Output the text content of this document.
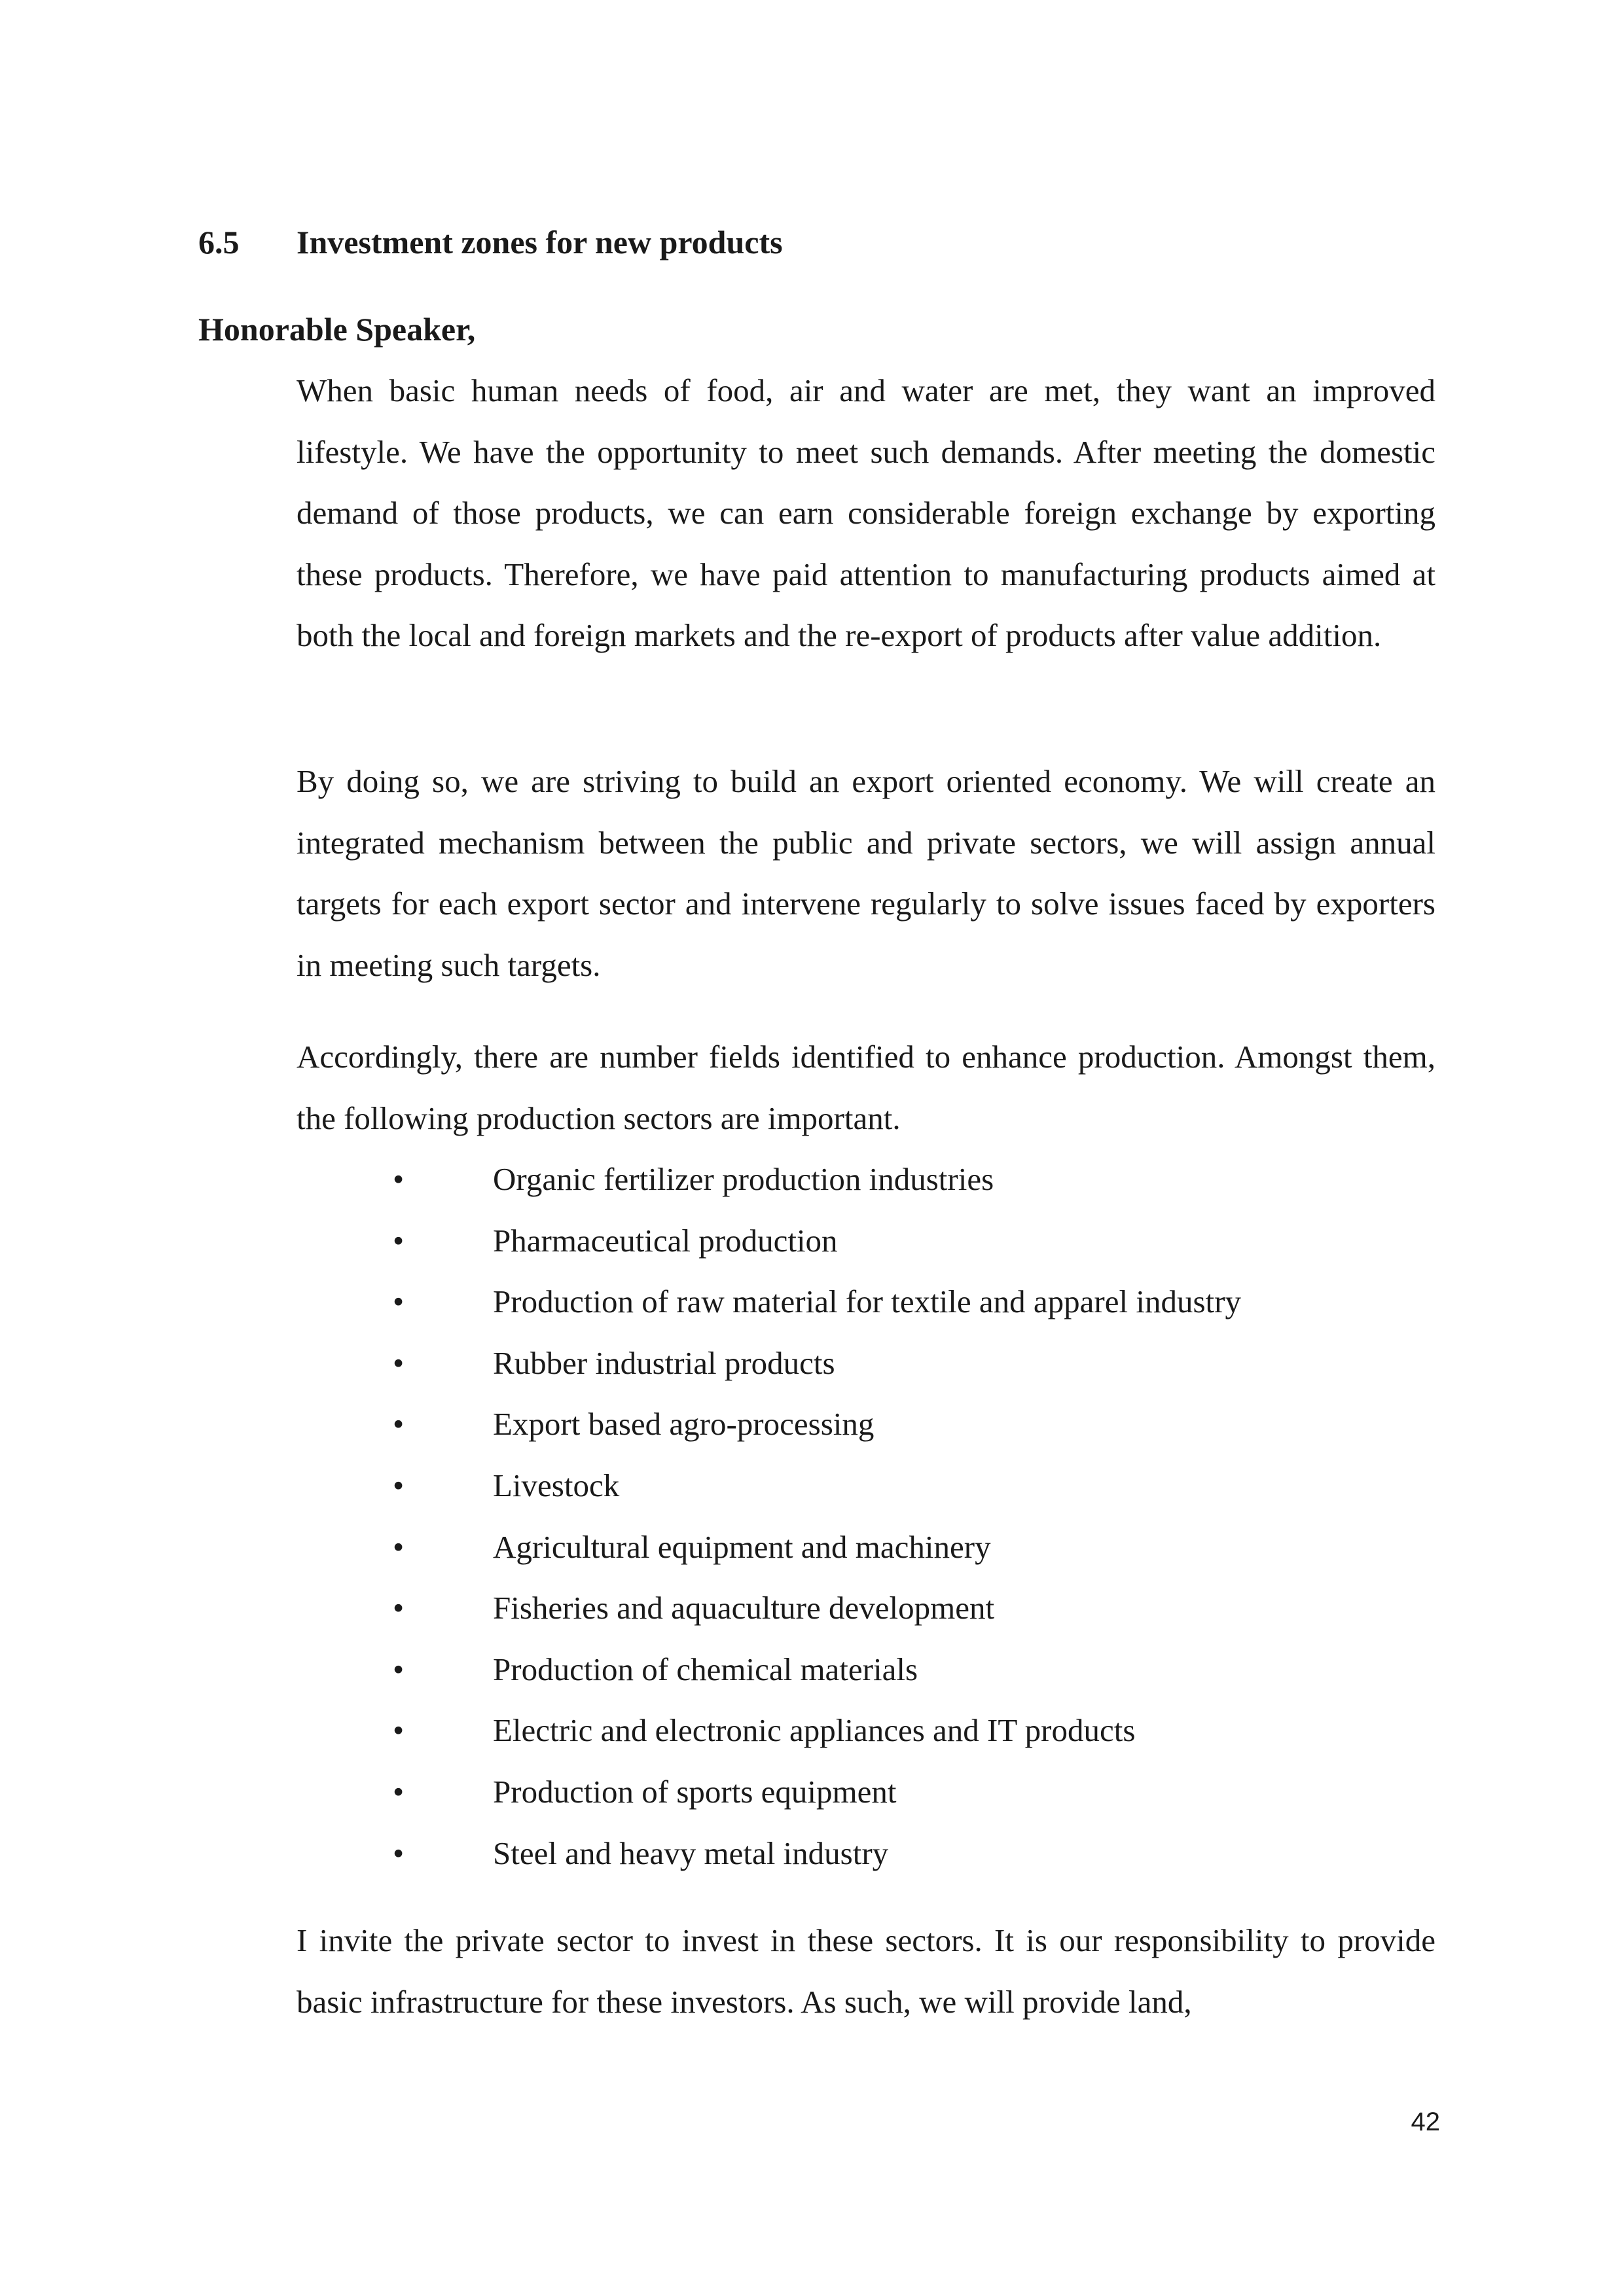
6.5 Investment zones for new products
Honorable Speaker,

When basic human needs of food, air and water are met, they want an improved lifestyle. We have the opportunity to meet such demands. After meeting the domestic demand of those products, we can earn considerable foreign exchange by exporting these products. Therefore, we have paid attention to manufacturing products aimed at both the local and foreign markets and the re-export of products after value addition.

By doing so, we are striving to build an export oriented economy. We will create an integrated mechanism between the public and private sectors, we will assign annual targets for each export sector and intervene regularly to solve issues faced by exporters in meeting such targets.

Accordingly, there are number fields identified to enhance production. Amongst them, the following production sectors are important.

•	Organic fertilizer production industries
•	Pharmaceutical production
•	Production of raw material for textile and apparel industry
•	Rubber industrial products
•	Export based agro-processing
•	Livestock
•	Agricultural equipment and machinery
•	Fisheries and aquaculture development
•	Production of chemical materials
•	Electric and electronic appliances and IT products
•	Production of sports equipment
•	Steel and heavy metal industry

I invite the private sector to invest in these sectors. It is our responsibility to provide basic infrastructure for these investors. As such, we will provide land,

42
